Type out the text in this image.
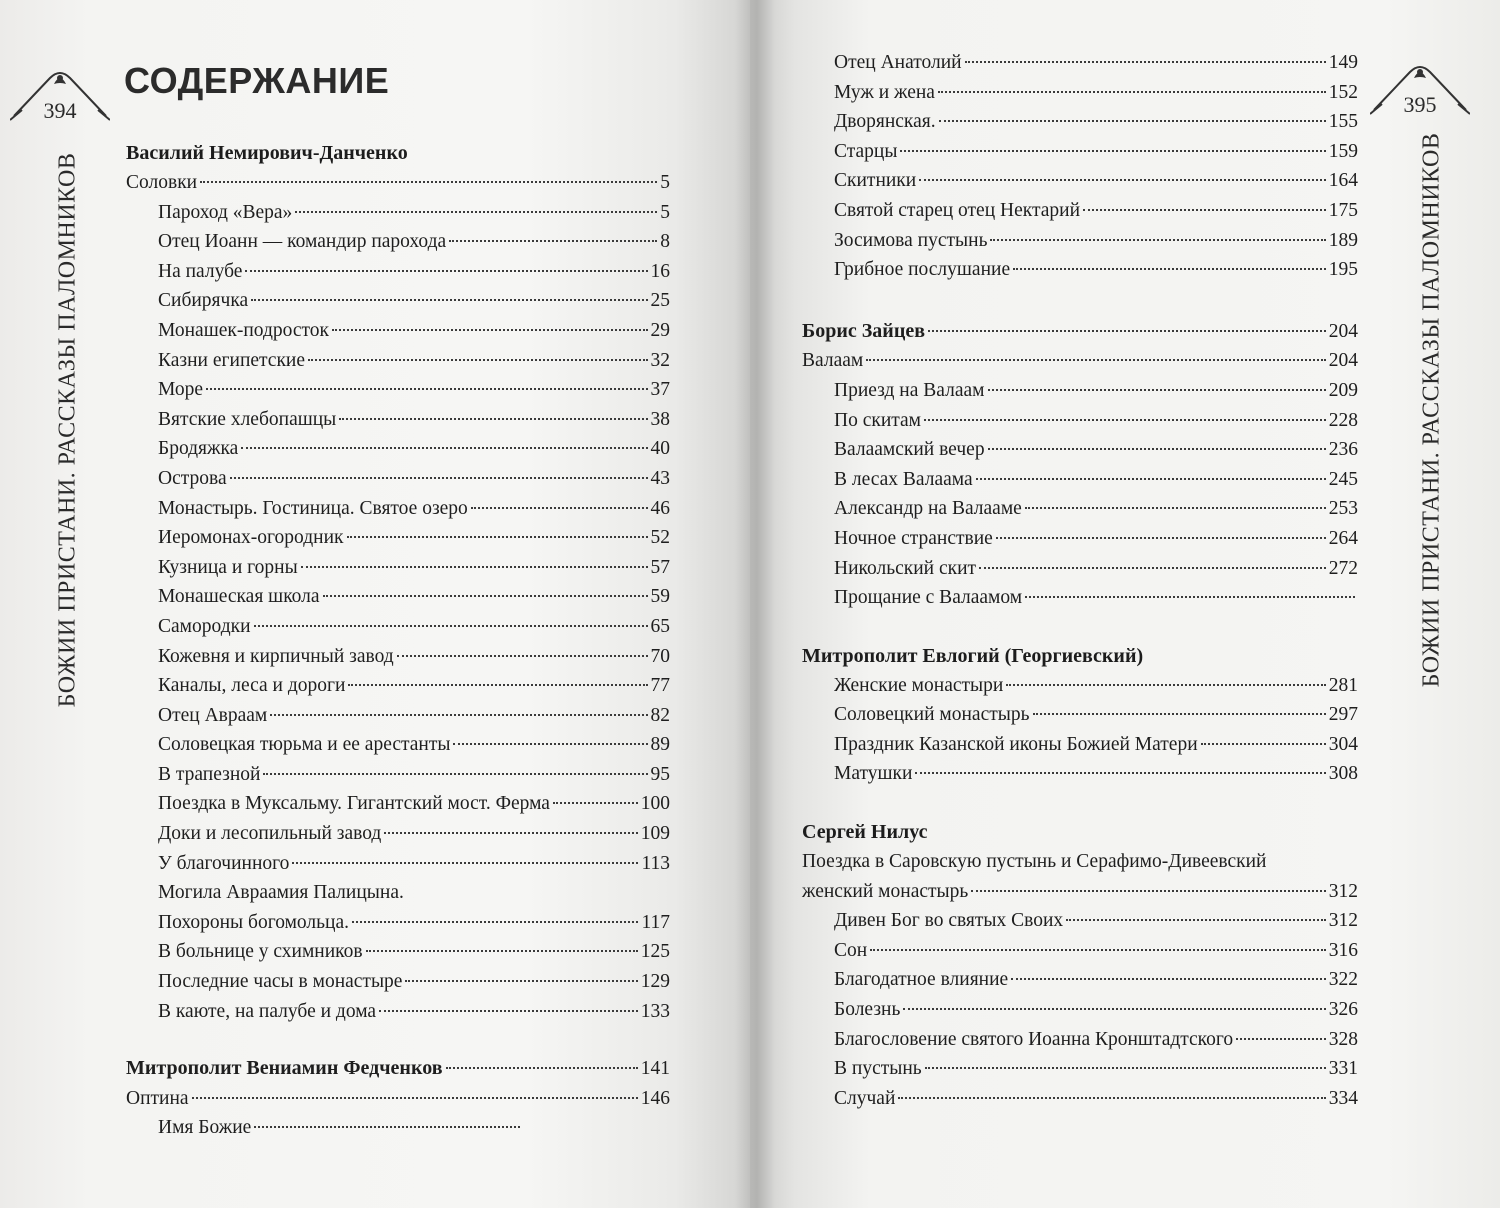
394
БОЖИИ ПРИСТАНИ. РАССКАЗЫ ПАЛОМНИКОВ
СОДЕРЖАНИЕ
Василий Немирович-Данченко
Соловки	5
Пароход «Вера»	5
Отец Иоанн — командир парохода	8
На палубе	16
Сибирячка	25
Монашек-подросток	29
Казни египетские	32
Море	37
Вятские хлебопашцы	38
Бродяжка	40
Острова	43
Монастырь. Гостиница. Святое озеро	46
Иеромонах-огородник	52
Кузница и горны	57
Монашеская школа	59
Самородки	65
Кожевня и кирпичный завод	70
Каналы, леса и дороги	77
Отец Авраам	82
Соловецкая тюрьма и ее арестанты	89
В трапезной	95
Поездка в Муксальму. Гигантский мост. Ферма	100
Доки и лесопильный завод	109
У благочинного	113
Могила Авраамия Палицына.
Похороны богомольца.	117
В больнице у схимников	125
Последние часы в монастыре	129
В каюте, на палубе и дома	133
Митрополит Вениамин Федченков	141
Оптина	146
Имя Божие
395
БОЖИИ ПРИСТАНИ. РАССКАЗЫ ПАЛОМНИКОВ
Отец Анатолий	149
Муж и жена	152
Дворянская.	155
Старцы	159
Скитники	164
Святой старец отец Нектарий	175
Зосимова пустынь	189
Грибное послушание	195
Борис Зайцев	204
Валаам	204
Приезд на Валаам	209
По скитам	228
Валаамский вечер	236
В лесах Валаама	245
Александр на Валааме	253
Ночное странствие	264
Никольский скит	272
Прощание с Валаамом
Митрополит Евлогий (Георгиевский)
Женские монастыри	281
Соловецкий монастырь	297
Праздник Казанской иконы Божией Матери	304
Матушки	308
Сергей Нилус
Поездка в Саровскую пустынь и Серафимо-Дивеевский
женский монастырь	312
Дивен Бог во святых Своих	312
Сон	316
Благодатное влияние	322
Болезнь	326
Благословение святого Иоанна Кронштадтского	328
В пустынь	331
Случай	334
